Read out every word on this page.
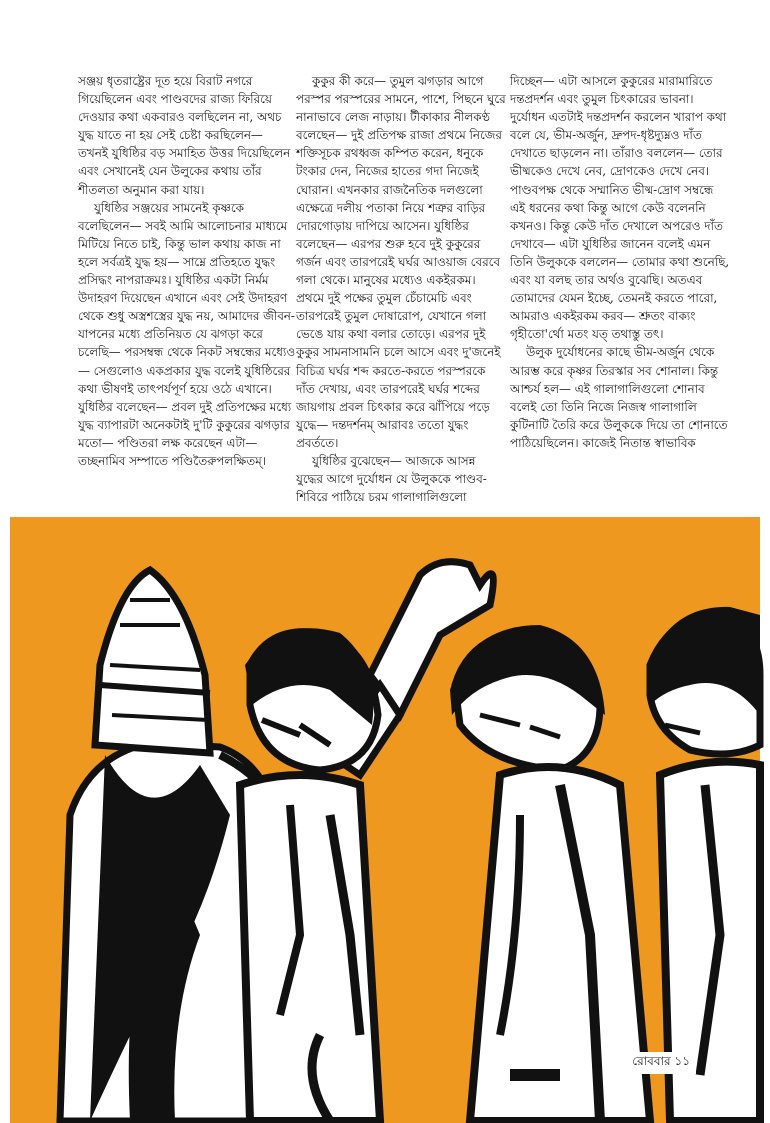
সঞ্জয় ধৃতরাষ্ট্রের দূত হয়ে বিরাট নগরে গিয়েছিলেন এবং পাণ্ডবদের রাজ্য ফিরিয়ে দেওয়ার কথা একবারও বলছিলেন না, অথচ যুদ্ধ যাতে না হয় সেই চেষ্টা করছিলেন— তখনই যুধিষ্ঠির বড় সমাহিত উত্তর দিয়েছিলেন এবং সেখানেই যেন উলুকের কথায় তাঁর শীতলতা অনুমান করা যায়।

যুধিষ্ঠির সঞ্জয়ের সামনেই কৃষ্ণকে বলেছিলেন— সবই আমি আলোচনার মাধ্যমে মিটিয়ে নিতে চাই, কিন্তু ভাল কথায় কাজ না হলে সর্বত্রই যুদ্ধ হয়— সাম্নে প্রতিহতে যুদ্ধং প্রসিদ্ধং নাপরাক্রমঃ। যুধিষ্ঠির একটা নির্মম উদাহরণ দিয়েছেন এখানে এবং সেই উদাহরণ থেকে শুধু অস্ত্রশস্ত্রের যুদ্ধ নয়, আমাদের জীবন-যাপনের মধ্যে প্রতিনিয়ত যে ঝগড়া করে চলেছি— পরসম্বন্ধ থেকে নিকট সম্বন্ধের মধ্যেও— সেগুলোও একপ্রকার যুদ্ধ বলেই যুধিষ্ঠিরের কথা ভীষণই তাৎপর্যপূর্ণ হয়ে ওঠে এখানে। যুধিষ্ঠির বলেছেন— প্রবল দুই প্রতিপক্ষের মধ্যে যুদ্ধ ব্যাপারটা অনেকটাই দু'টি কুকুরের ঝগড়ার মতো— পণ্ডিতরা লক্ষ করেছেন এটা— তচ্ছনামিব সম্পাতে পণ্ডিতৈরুপলক্ষিতম্।

কুকুর কী করে— তুমুল ঝগড়ার আগে পরস্পর পরস্পরের সামনে, পাশে, পিছনে ঘুরে নানাভাবে লেজ নাড়ায়। টীকাকার নীলকণ্ঠ বলেছেন— দুই প্রতিপক্ষ রাজা প্রথমে নিজের শক্তিসূচক রথধ্বজ কম্পিত করেন, ধনুকে টংকার দেন, নিজের হাতের গদা নিজেই ঘোরান। এখনকার রাজনৈতিক দলগুলো এক্ষেত্রে দলীয় পতাকা নিয়ে শত্রুর বাড়ির দোরগোড়ায় দাপিয়ে আসেন। যুধিষ্ঠির বলেছেন— এরপর শুরু হবে দুই কুকুরের গর্জন এবং তারপরেই ঘর্ঘর আওয়াজ বেরবে গলা থেকে। মানুষের মধ্যেও একইরকম। প্রথমে দুই পক্ষের তুমুল চেঁচামেচি এবং তারপরেই তুমুল দোষারোপ, যেখানে গলা ভেঙে যায় কথা বলার তোড়ে। এরপর দুই কুকুর সামনাসামনি চলে আসে এবং দু'জনেই বিচিত্র ঘর্ঘর শব্দ করতে-করতে পরস্পরকে দাঁত দেখায়, এবং তারপরেই ঘর্ঘর শব্দের জায়গায় প্রবল চিৎকার করে ঝাঁপিয়ে পড়ে যুদ্ধে— দন্তদর্শনম্ আরাবঃ ততো যুদ্ধং প্রবর্ততে।

যুধিষ্ঠির বুঝেছেন— আজকে আসন্ন যুদ্ধের আগে দুর্যোধন যে উলুককে পাণ্ডব-শিবিরে পাঠিয়ে চরম গালাগালিগুলো

দিচ্ছেন— এটা আসলে কুকুরের মারামারিতে দন্তপ্রদর্শন এবং তুমুল চিৎকারের ভাবনা। দুর্যোধন এতটাই দন্তপ্রদর্শন করলেন খারাপ কথা বলে যে, ভীম-অর্জুন, দ্রুপদ-ধৃষ্টদ্যুম্নও দাঁত দেখাতে ছাড়লেন না। তাঁরাও বললেন— তোর ভীষ্মকেও দেখে নেব, দ্রোণকেও দেখে নেব। পাণ্ডবপক্ষ থেকে সম্মানিত ভীষ্ম-দ্রোণ সম্বন্ধে এই ধরনের কথা কিন্তু আগে কেউ বলেননি কখনও। কিন্তু কেউ দাঁত দেখালে অপরেও দাঁত দেখাবে— এটা যুধিষ্ঠির জানেন বলেই এমন তিনি উলুককে বললেন— তোমার কথা শুনেছি, এবং যা বলছ তার অর্থও বুঝেছি। অতএব তোমাদের যেমন ইচ্ছে, তেমনই করতে পারো, আমরাও একইরকম করব— শ্রুতং বাক্যং গৃহীতো'র্থো মতং যত্ তথাস্তু তৎ।

উলুক দুর্যোধনের কাছে ভীম-অর্জুন থেকে আরম্ভ করে কৃষ্ণর তিরস্কার সব শোনাল। কিন্তু আশ্চর্য হল— এই গালাগালিগুলো শোনাব বলেই তো তিনি নিজে নিজস্ব গালাগালি কুটিনাটি তৈরি করে উলুককে দিয়ে তা শোনাতে পাঠিয়েছিলেন। কাজেই নিতান্ত স্বাভাবিক

রোববার ১১
